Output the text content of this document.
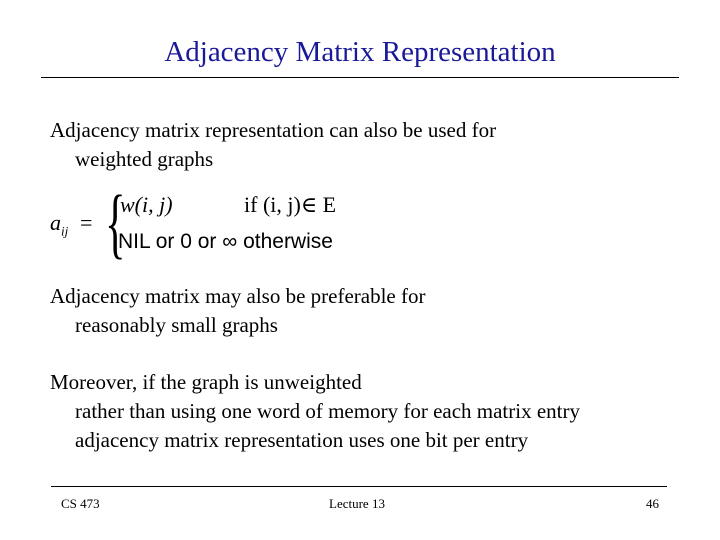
Adjacency Matrix Representation
Adjacency matrix representation can also be used for
weighted graphs
$a_{ij}$ = {
w(i, j)	if (i, j)∈ E
NIL or 0 or ∞ otherwise
Adjacency matrix may also be preferable for
reasonably small graphs
Moreover, if the graph is unweighted
rather than using one word of memory for each matrix entry
adjacency matrix representation uses one bit per entry
CS 473	Lecture 13	46
